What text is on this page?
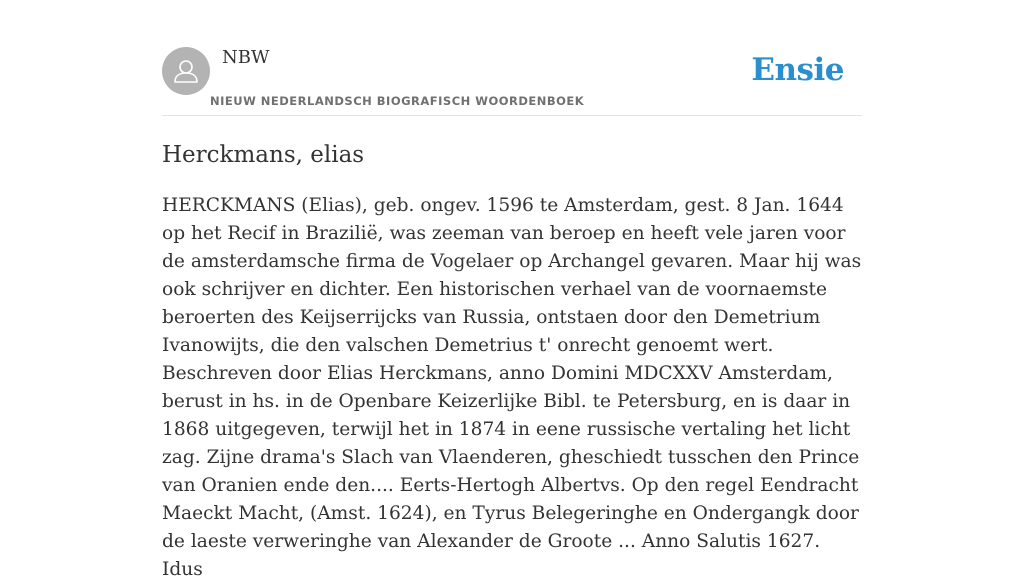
NBW
NIEUW NEDERLANDSCH BIOGRAFISCH WOORDENBOEK
Ensie
Herckmans, elias

HERCKMANS (Elias), geb. ongev. 1596 te Amsterdam, gest. 8 Jan. 1644 op het Recif in Brazilië, was zeeman van beroep en heeft vele jaren voor de amsterdamsche firma de Vogelaer op Archangel gevaren. Maar hij was ook schrijver en dichter. Een historischen verhael van de voornaemste beroerten des Keijserrijcks van Russia, ontstaen door den Demetrium Ivanowijts, die den valschen Demetrius t' onrecht genoemt wert. Beschreven door Elias Herckmans, anno Domini MDCXXV Amsterdam, berust in hs. in de Openbare Keizerlijke Bibl. te Petersburg, en is daar in 1868 uitgegeven, terwijl het in 1874 in eene russische vertaling het licht zag. Zijne drama's Slach van Vlaenderen, gheschiedt tusschen den Prince van Oranien ende den.... Eerts-Hertogh Albertvs. Op den regel Eendracht Maeckt Macht, (Amst. 1624), en Tyrus Belegeringhe en Ondergangk door de laeste verweringhe van Alexander de Groote ... Anno Salutis 1627. Idus
